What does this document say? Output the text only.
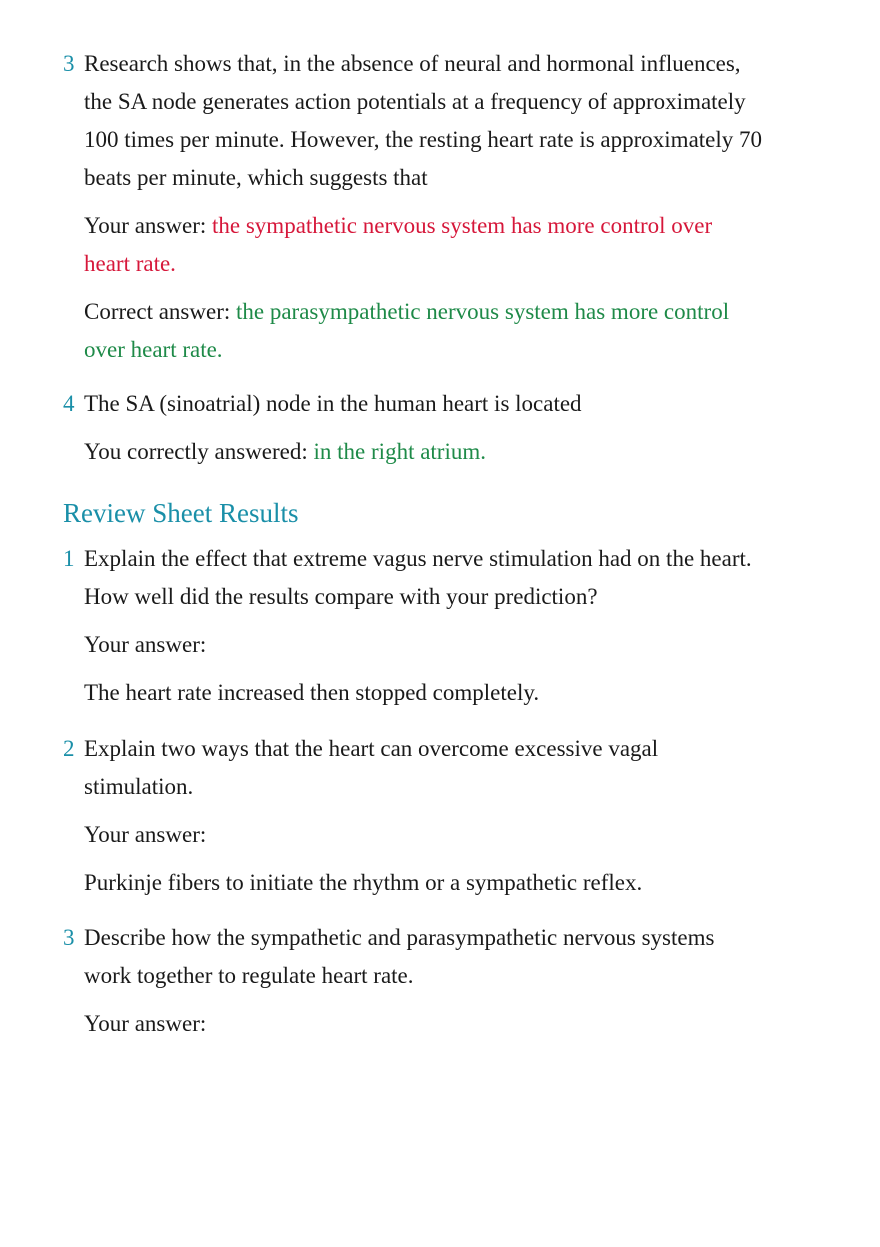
3 Research shows that, in the absence of neural and hormonal influences, the SA node generates action potentials at a frequency of approximately 100 times per minute. However, the resting heart rate is approximately 70 beats per minute, which suggests that
Your answer: the sympathetic nervous system has more control over heart rate.
Correct answer: the parasympathetic nervous system has more control over heart rate.
4 The SA (sinoatrial) node in the human heart is located
You correctly answered: in the right atrium.
Review Sheet Results
1 Explain the effect that extreme vagus nerve stimulation had on the heart. How well did the results compare with your prediction?
Your answer:
The heart rate increased then stopped completely.
2 Explain two ways that the heart can overcome excessive vagal stimulation.
Your answer:
Purkinje fibers to initiate the rhythm or a sympathetic reflex.
3 Describe how the sympathetic and parasympathetic nervous systems work together to regulate heart rate.
Your answer:
